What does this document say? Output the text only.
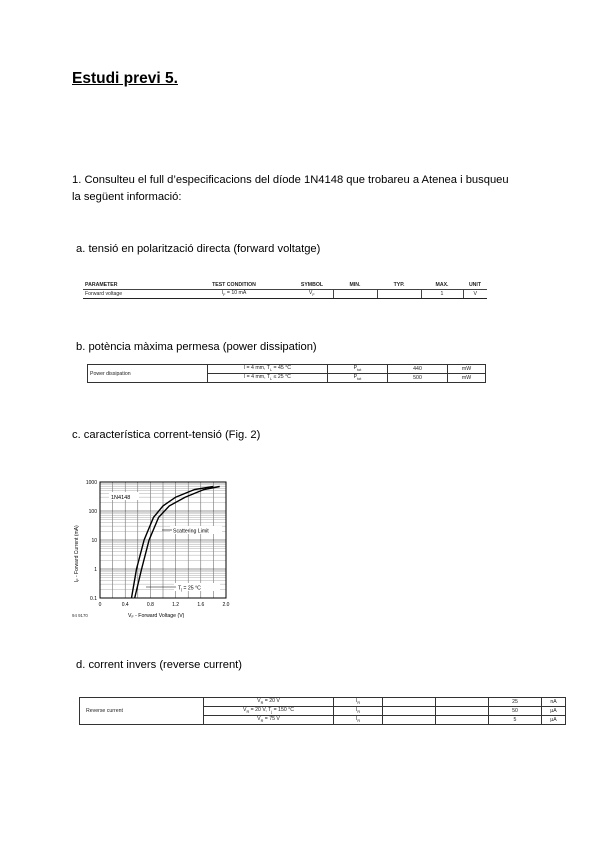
Estudi previ 5.
1. Consulteu el full d’especificacions del díode 1N4148 que trobareu a Atenea i busqueu la següent informació:
a. tensió en polarització directa (forward voltatge)
PARAMETER	TEST CONDITION	SYMBOL	MIN.	TYP.	MAX.	UNIT
Forward voltage	$I_F = 10$ mA	$V_F$			1	V
b. potència màxima permesa (power dissipation)
Power dissipation	l = 4 mm, $T_L = 45$ °C	$P_{tot}$	440	mW
	l = 4 mm, $T_L \le 25$ °C	$P_{tot}$	500	mW
c. característica corrent-tensió (Fig. 2)
0	0.4	0.8	1.2	1.6	2.0
0.1
1
10
100
1000
1N4148
Scattering Limit
$T_j = 25$ °C
$I_F$ - Forward Current (mA)
$V_F$ - Forward Voltage (V)
94 9170
d. corrent invers (reverse current)
Reverse current	$V_R = 20$ V	$I_R$			25	nA
	$V_R = 20$ V, $T_j = 150$ °C	$I_R$			50	µA
	$V_R = 75$ V	$I_R$			5	µA
